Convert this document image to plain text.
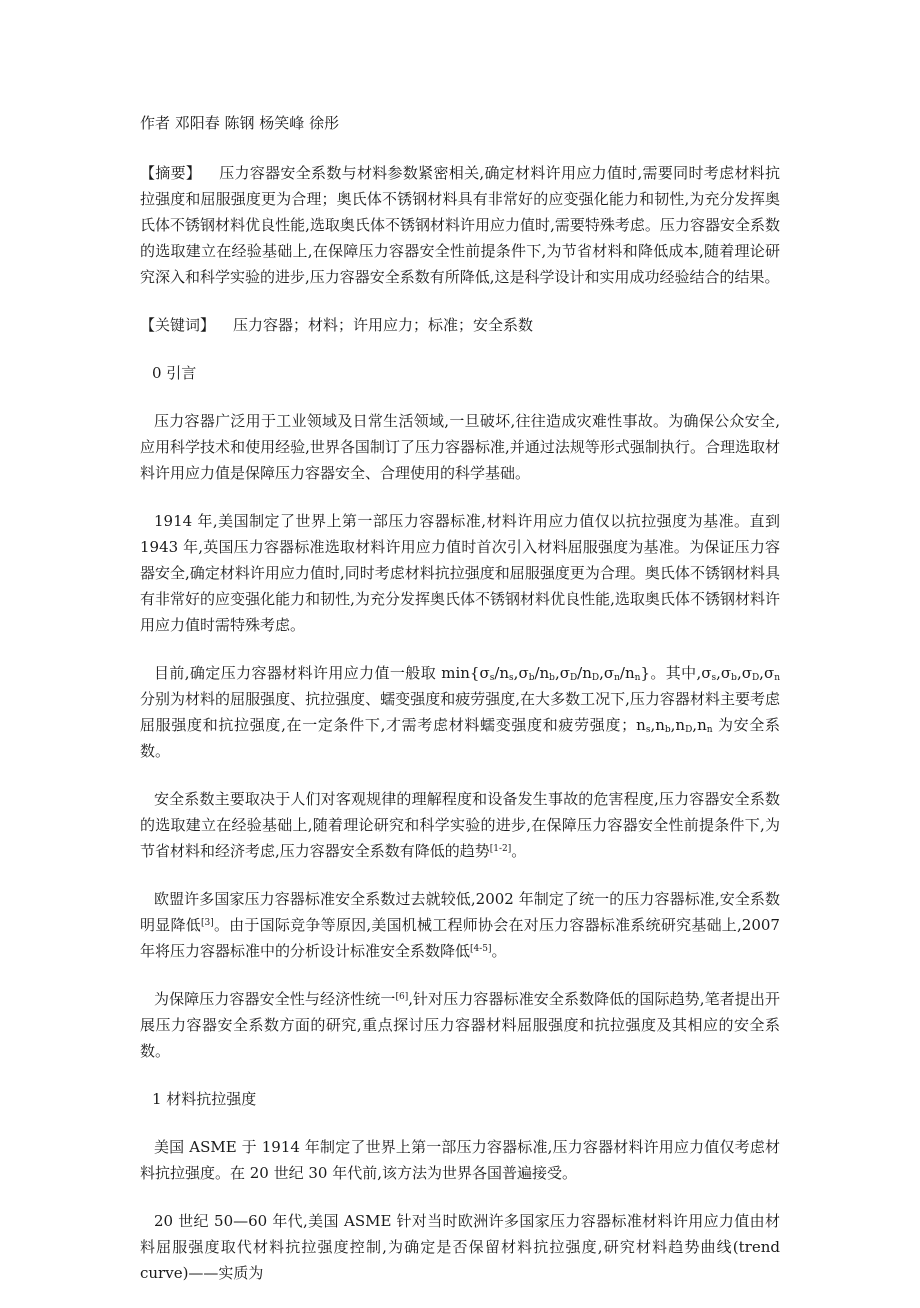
作者 邓阳春 陈钢 杨笑峰 徐彤

【摘要】 压力容器安全系数与材料参数紧密相关,确定材料许用应力值时,需要同时考虑材料抗拉强度和屈服强度更为合理；奥氏体不锈钢材料具有非常好的应变强化能力和韧性,为充分发挥奥氏体不锈钢材料优良性能,选取奥氏体不锈钢材料许用应力值时,需要特殊考虑。压力容器安全系数的选取建立在经验基础上,在保障压力容器安全性前提条件下,为节省材料和降低成本,随着理论研究深入和科学实验的进步,压力容器安全系数有所降低,这是科学设计和实用成功经验结合的结果。

【关键词】 压力容器；材料；许用应力；标准；安全系数

0 引言

压力容器广泛用于工业领域及日常生活领域,一旦破坏,往往造成灾难性事故。为确保公众安全,应用科学技术和使用经验,世界各国制订了压力容器标准,并通过法规等形式强制执行。合理选取材料许用应力值是保障压力容器安全、合理使用的科学基础。

1914 年,美国制定了世界上第一部压力容器标准,材料许用应力值仅以抗拉强度为基准。直到 1943 年,英国压力容器标准选取材料许用应力值时首次引入材料屈服强度为基准。为保证压力容器安全,确定材料许用应力值时,同时考虑材料抗拉强度和屈服强度更为合理。奥氏体不锈钢材料具有非常好的应变强化能力和韧性,为充分发挥奥氏体不锈钢材料优良性能,选取奥氏体不锈钢材料许用应力值时需特殊考虑。

目前,确定压力容器材料许用应力值一般取 $\min\{\sigma_s/n_s,\sigma_b/n_b,\sigma_D/n_D,\sigma_n/n_n\}$。其中$,\sigma_s,\sigma_b,\sigma_D,\sigma_n$ 分别为材料的屈服强度、抗拉强度、蠕变强度和疲劳强度,在大多数工况下,压力容器材料主要考虑屈服强度和抗拉强度,在一定条件下,才需考虑材料蠕变强度和疲劳强度；$n_s,n_b,n_D,n_n$ 为安全系数。

安全系数主要取决于人们对客观规律的理解程度和设备发生事故的危害程度,压力容器安全系数的选取建立在经验基础上,随着理论研究和科学实验的进步,在保障压力容器安全性前提条件下,为节省材料和经济考虑,压力容器安全系数有降低的趋势[1-2]。

欧盟许多国家压力容器标准安全系数过去就较低,2002 年制定了统一的压力容器标准,安全系数明显降低[3]。由于国际竞争等原因,美国机械工程师协会在对压力容器标准系统研究基础上,2007 年将压力容器标准中的分析设计标准安全系数降低[4-5]。

为保障压力容器安全性与经济性统一[6],针对压力容器标准安全系数降低的国际趋势,笔者提出开展压力容器安全系数方面的研究,重点探讨压力容器材料屈服强度和抗拉强度及其相应的安全系数。

1 材料抗拉强度

美国 ASME 于 1914 年制定了世界上第一部压力容器标准,压力容器材料许用应力值仅考虑材料抗拉强度。在 20 世纪 30 年代前,该方法为世界各国普遍接受。

20 世纪 50—60 年代,美国 ASME 针对当时欧洲许多国家压力容器标准材料许用应力值由材料屈服强度取代材料抗拉强度控制,为确定是否保留材料抗拉强度,研究材料趋势曲线(trend curve)——实质为
